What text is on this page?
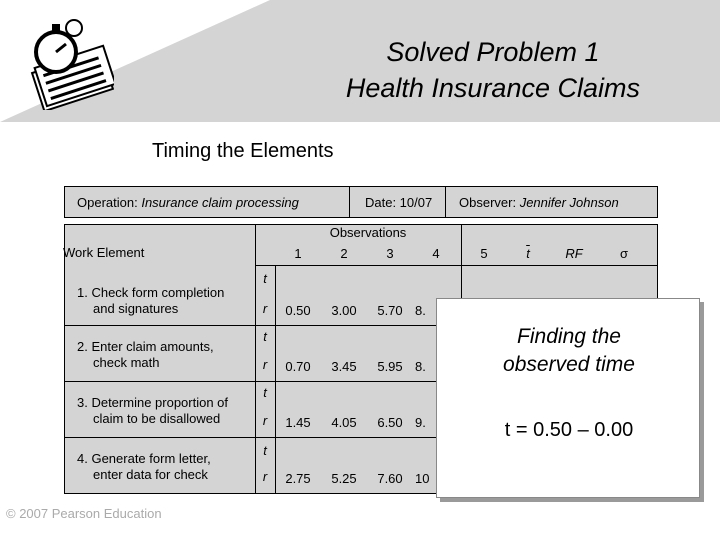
Solved Problem 1
Health Insurance Claims
Timing the Elements
Operation: Insurance claim processing	Date: 10/07 Observer: Jennifer Johnson
Observations
Work Element	1	2	3	4	5	$\overline{t}$	RF	σ
1. Check form completion
and signatures
t
r	0.50	3.00	5.70 8.
2. Enter claim amounts,
check math
t
r	0.70	3.45	5.95 8.
3. Determine proportion of
claim to be disallowed
t
r	1.45	4.05	6.50 9.
4. Generate form letter,
enter data for check
t
r	2.75	5.25	7.60 10
Finding the
observed time
t = 0.50 – 0.00
© 2007 Pearson Education
